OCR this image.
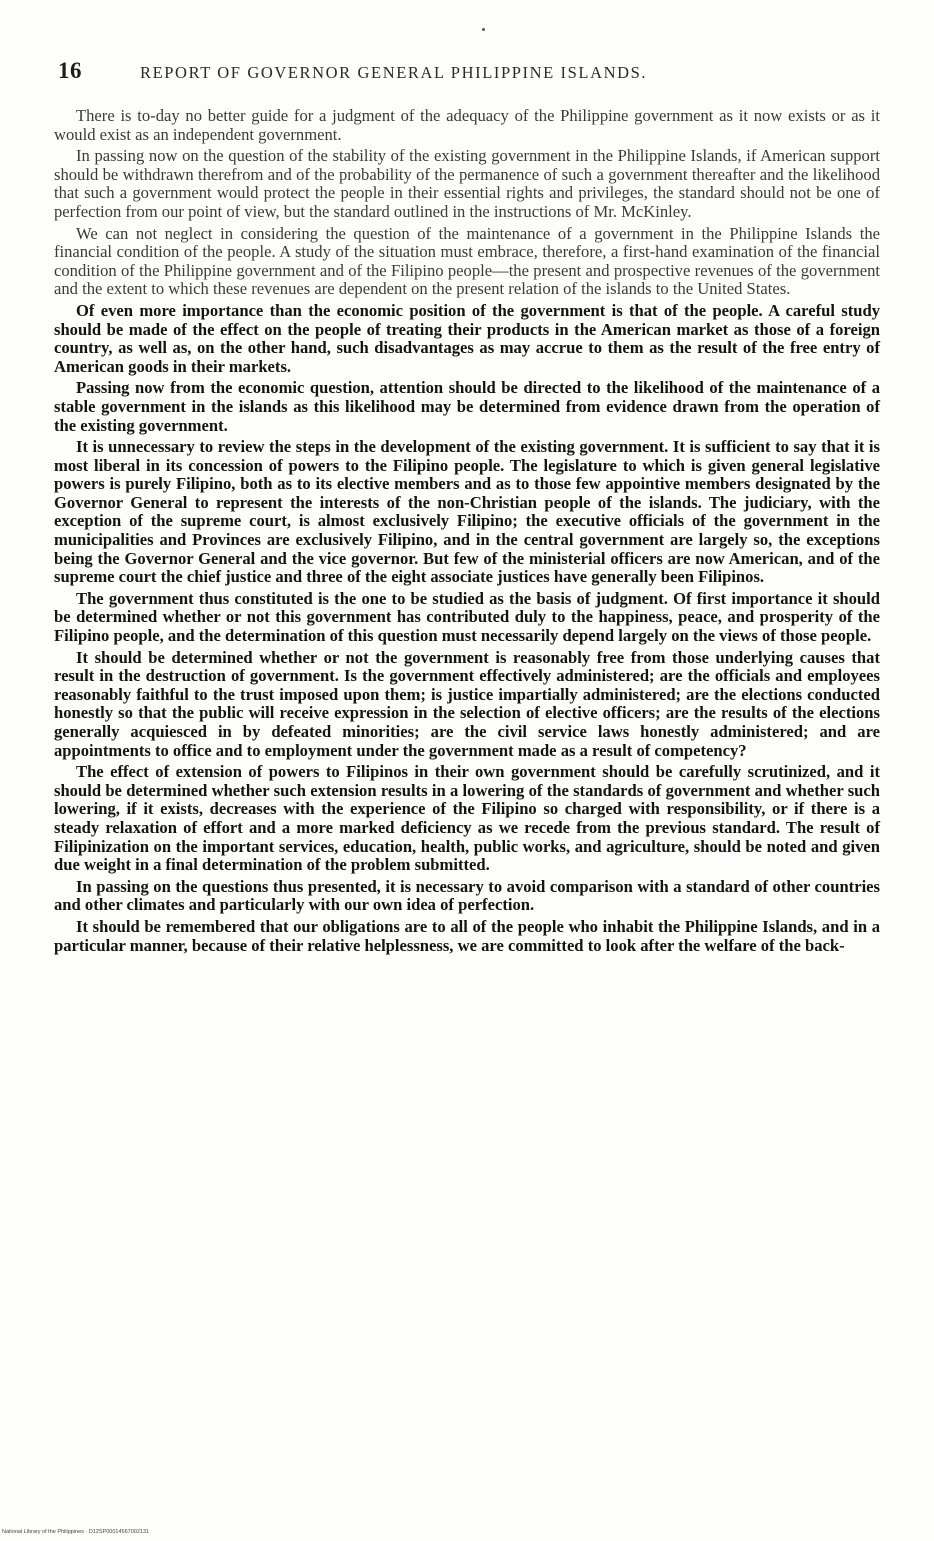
16	REPORT OF GOVERNOR GENERAL PHILIPPINE ISLANDS.

There is to-day no better guide for a judgment of the adequacy of the Philippine government as it now exists or as it would exist as an independent government.

In passing now on the question of the stability of the existing government in the Philippine Islands, if American support should be withdrawn therefrom and of the probability of the permanence of such a government thereafter and the likelihood that such a government would protect the people in their essential rights and privileges, the standard should not be one of perfection from our point of view, but the standard outlined in the instructions of Mr. McKinley.

We can not neglect in considering the question of the maintenance of a government in the Philippine Islands the financial condition of the people. A study of the situation must embrace, therefore, a first-hand examination of the financial condition of the Philippine government and of the Filipino people—the present and prospective revenues of the government and the extent to which these revenues are dependent on the present relation of the islands to the United States.

Of even more importance than the economic position of the government is that of the people. A careful study should be made of the effect on the people of treating their products in the American market as those of a foreign country, as well as, on the other hand, such disadvantages as may accrue to them as the result of the free entry of American goods in their markets.

Passing now from the economic question, attention should be directed to the likelihood of the maintenance of a stable government in the islands as this likelihood may be determined from evidence drawn from the operation of the existing government.

It is unnecessary to review the steps in the development of the existing government. It is sufficient to say that it is most liberal in its concession of powers to the Filipino people. The legislature to which is given general legislative powers is purely Filipino, both as to its elective members and as to those few appointive members designated by the Governor General to represent the interests of the non-Christian people of the islands. The judiciary, with the exception of the supreme court, is almost exclusively Filipino; the executive officials of the government in the municipalities and Provinces are exclusively Filipino, and in the central government are largely so, the exceptions being the Governor General and the vice governor. But few of the ministerial officers are now American, and of the supreme court the chief justice and three of the eight associate justices have generally been Filipinos.

The government thus constituted is the one to be studied as the basis of judgment. Of first importance it should be determined whether or not this government has contributed duly to the happiness, peace, and prosperity of the Filipino people, and the determination of this question must necessarily depend largely on the views of those people.

It should be determined whether or not the government is reasonably free from those underlying causes that result in the destruction of government. Is the government effectively administered; are the officials and employees reasonably faithful to the trust imposed upon them; is justice impartially administered; are the elections conducted honestly so that the public will receive expression in the selection of elective officers; are the results of the elections generally acquiesced in by defeated minorities; are the civil service laws honestly administered; and are appointments to office and to employment under the government made as a result of competency?

The effect of extension of powers to Filipinos in their own government should be carefully scrutinized, and it should be determined whether such extension results in a lowering of the standards of government and whether such lowering, if it exists, decreases with the experience of the Filipino so charged with responsibility, or if there is a steady relaxation of effort and a more marked deficiency as we recede from the previous standard. The result of Filipinization on the important services, education, health, public works, and agriculture, should be noted and given due weight in a final determination of the problem submitted.

In passing on the questions thus presented, it is necessary to avoid comparison with a standard of other countries and other climates and particularly with our own idea of perfection.

It should be remembered that our obligations are to all of the people who inhabit the Philippine Islands, and in a particular manner, because of their relative helplessness, we are committed to look after the welfare of the back-

National Library of the Philippines · D12SP00014567002131
